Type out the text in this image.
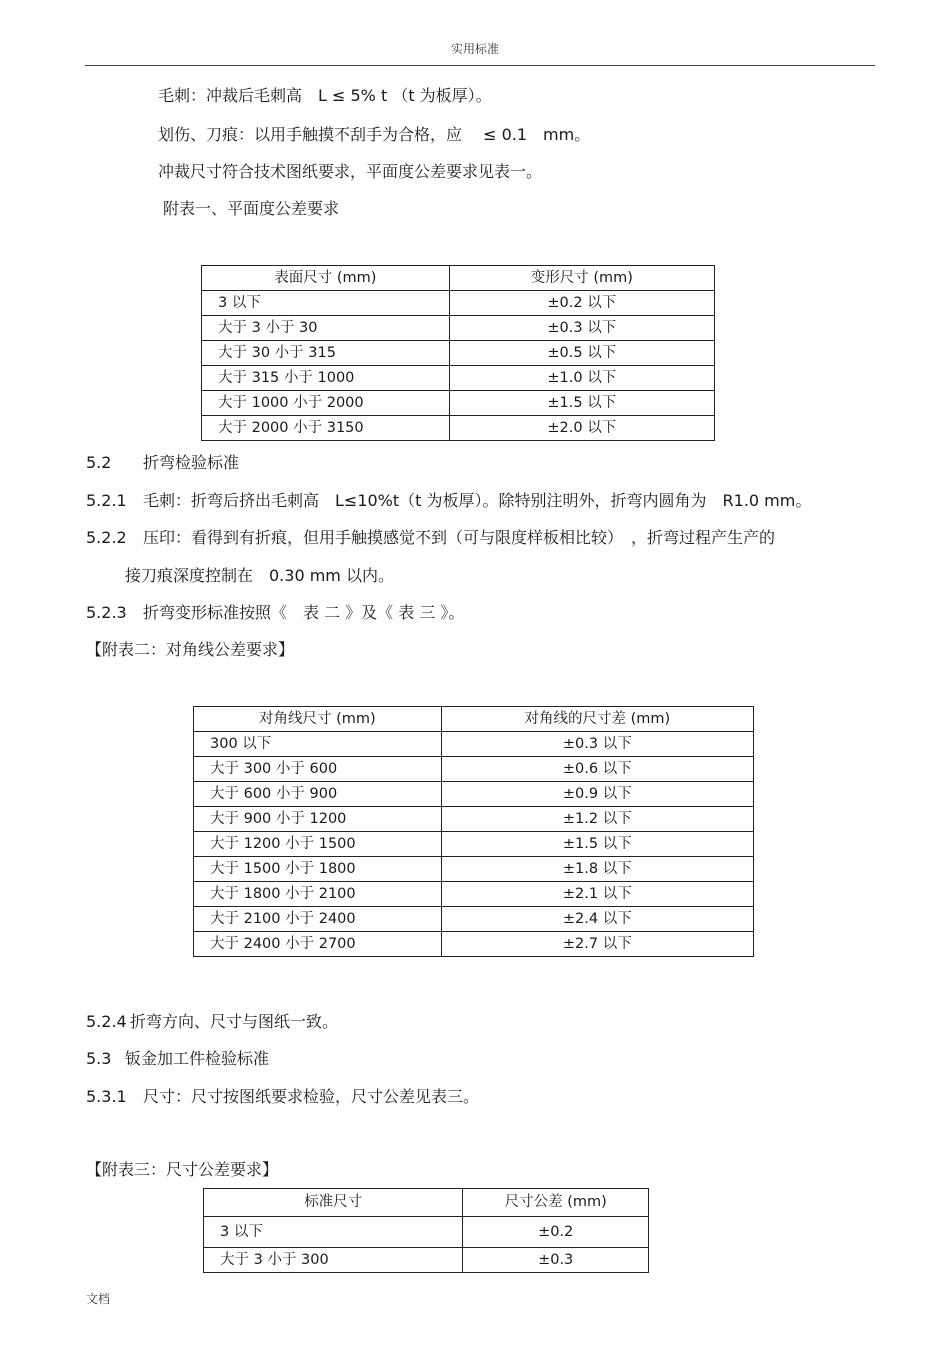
实用标准
毛刺：冲裁后毛刺高　L ≤ 5% t （t 为板厚）。
划伤、刀痕：以用手触摸不刮手为合格，应　 ≤ 0.1　mm。
冲裁尺寸符合技术图纸要求，平面度公差要求见表一。
附表一、平面度公差要求
表面尺寸 (mm)	变形尺寸 (mm)
3 以下	±0.2 以下
大于 3 小于 30	±0.3 以下
大于 30 小于 315	±0.5 以下
大于 315 小于 1000	±1.0 以下
大于 1000 小于 2000	±1.5 以下
大于 2000 小于 3150	±2.0 以下
5.2 折弯检验标准
5.2.1 毛刺：折弯后挤出毛刺高　L≤10%t（t 为板厚）。除特别注明外，折弯内圆角为　R1.0 mm。
5.2.2 压印：看得到有折痕，但用手触摸感觉不到（可与限度样板相比较）　，折弯过程产生产的
接刀痕深度控制在　0.30 mm 以内。
5.2.3 折弯变形标准按照《　表 二 》及《 表 三 》。
【附表二：对角线公差要求】
对角线尺寸 (mm)	对角线的尺寸差 (mm)
300 以下	±0.3 以下
大于 300 小于 600	±0.6 以下
大于 600 小于 900	±0.9 以下
大于 900 小于 1200	±1.2 以下
大于 1200 小于 1500	±1.5 以下
大于 1500 小于 1800	±1.8 以下
大于 1800 小于 2100	±2.1 以下
大于 2100 小于 2400	±2.4 以下
大于 2400 小于 2700	±2.7 以下
5.2.4 折弯方向、尺寸与图纸一致。
5.3 钣金加工件检验标准
5.3.1 尺寸：尺寸按图纸要求检验，尺寸公差见表三。
【附表三：尺寸公差要求】
标准尺寸	尺寸公差 (mm)
3 以下	±0.2
大于 3 小于 300	±0.3
文档
